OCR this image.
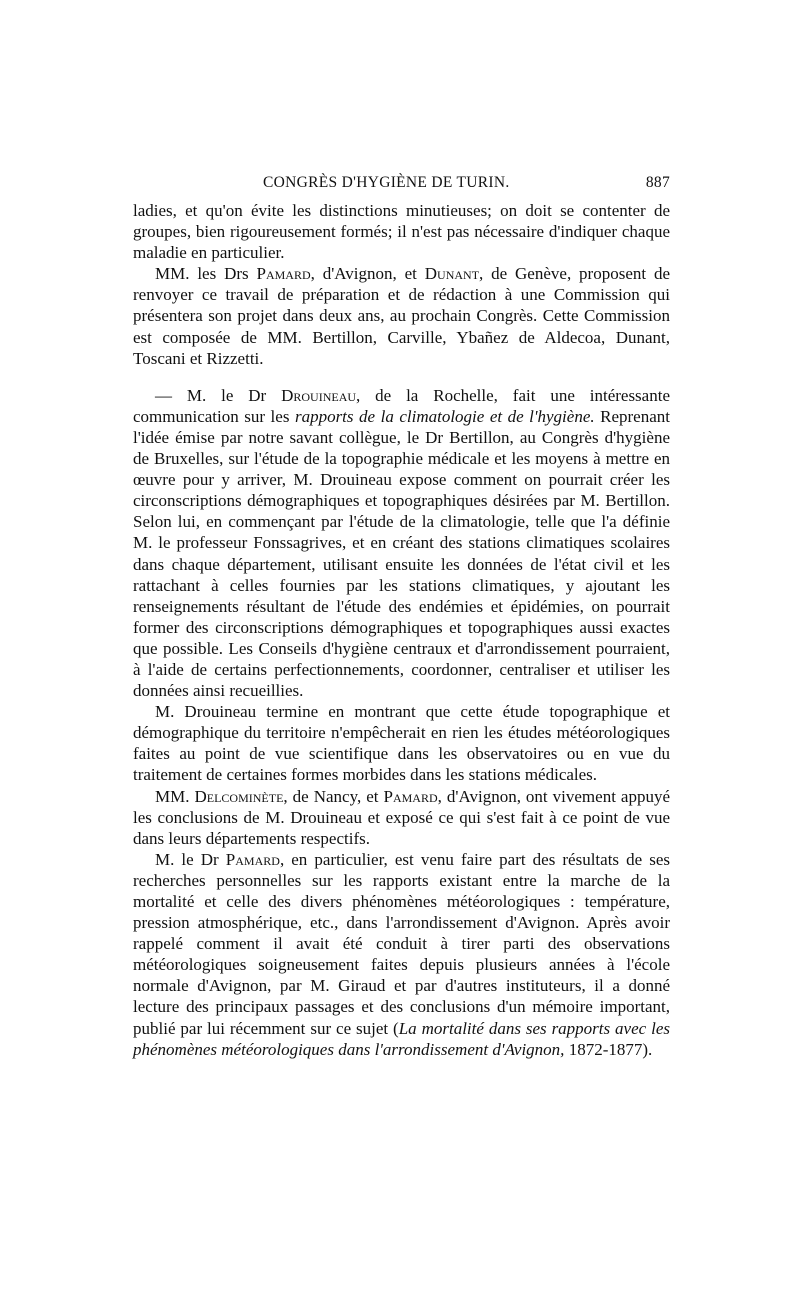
CONGRÈS D'HYGIÈNE DE TURIN.	887

ladies, et qu'on évite les distinctions minutieuses; on doit se contenter de groupes, bien rigoureusement formés; il n'est pas nécessaire d'indiquer chaque maladie en particulier.

MM. les Drs Pamard, d'Avignon, et Dunant, de Genève, proposent de renvoyer ce travail de préparation et de rédaction à une Commission qui présentera son projet dans deux ans, au prochain Congrès. Cette Commission est composée de MM. Bertillon, Carville, Ybañez de Aldecoa, Dunant, Toscani et Rizzetti.

— M. le Dr Drouineau, de la Rochelle, fait une intéressante communication sur les rapports de la climatologie et de l'hygiène. Reprenant l'idée émise par notre savant collègue, le Dr Bertillon, au Congrès d'hygiène de Bruxelles, sur l'étude de la topographie médicale et les moyens à mettre en œuvre pour y arriver, M. Drouineau expose comment on pourrait créer les circonscriptions démographiques et topographiques désirées par M. Bertillon. Selon lui, en commençant par l'étude de la climatologie, telle que l'a définie M. le professeur Fonssagrives, et en créant des stations climatiques scolaires dans chaque département, utilisant ensuite les données de l'état civil et les rattachant à celles fournies par les stations climatiques, y ajoutant les renseignements résultant de l'étude des endémies et épidémies, on pourrait former des circonscriptions démographiques et topographiques aussi exactes que possible. Les Conseils d'hygiène centraux et d'arrondissement pourraient, à l'aide de certains perfectionnements, coordonner, centraliser et utiliser les données ainsi recueillies.

M. Drouineau termine en montrant que cette étude topographique et démographique du territoire n'empêcherait en rien les études météorologiques faites au point de vue scientifique dans les observatoires ou en vue du traitement de certaines formes morbides dans les stations médicales.

MM. Delcominète, de Nancy, et Pamard, d'Avignon, ont vivement appuyé les conclusions de M. Drouineau et exposé ce qui s'est fait à ce point de vue dans leurs départements respectifs.

M. le Dr Pamard, en particulier, est venu faire part des résultats de ses recherches personnelles sur les rapports existant entre la marche de la mortalité et celle des divers phénomènes météorologiques : température, pression atmosphérique, etc., dans l'arrondissement d'Avignon. Après avoir rappelé comment il avait été conduit à tirer parti des observations météorologiques soigneusement faites depuis plusieurs années à l'école normale d'Avignon, par M. Giraud et par d'autres instituteurs, il a donné lecture des principaux passages et des conclusions d'un mémoire important, publié par lui récemment sur ce sujet (La mortalité dans ses rapports avec les phénomènes météorologiques dans l'arrondissement d'Avignon, 1872-1877).
